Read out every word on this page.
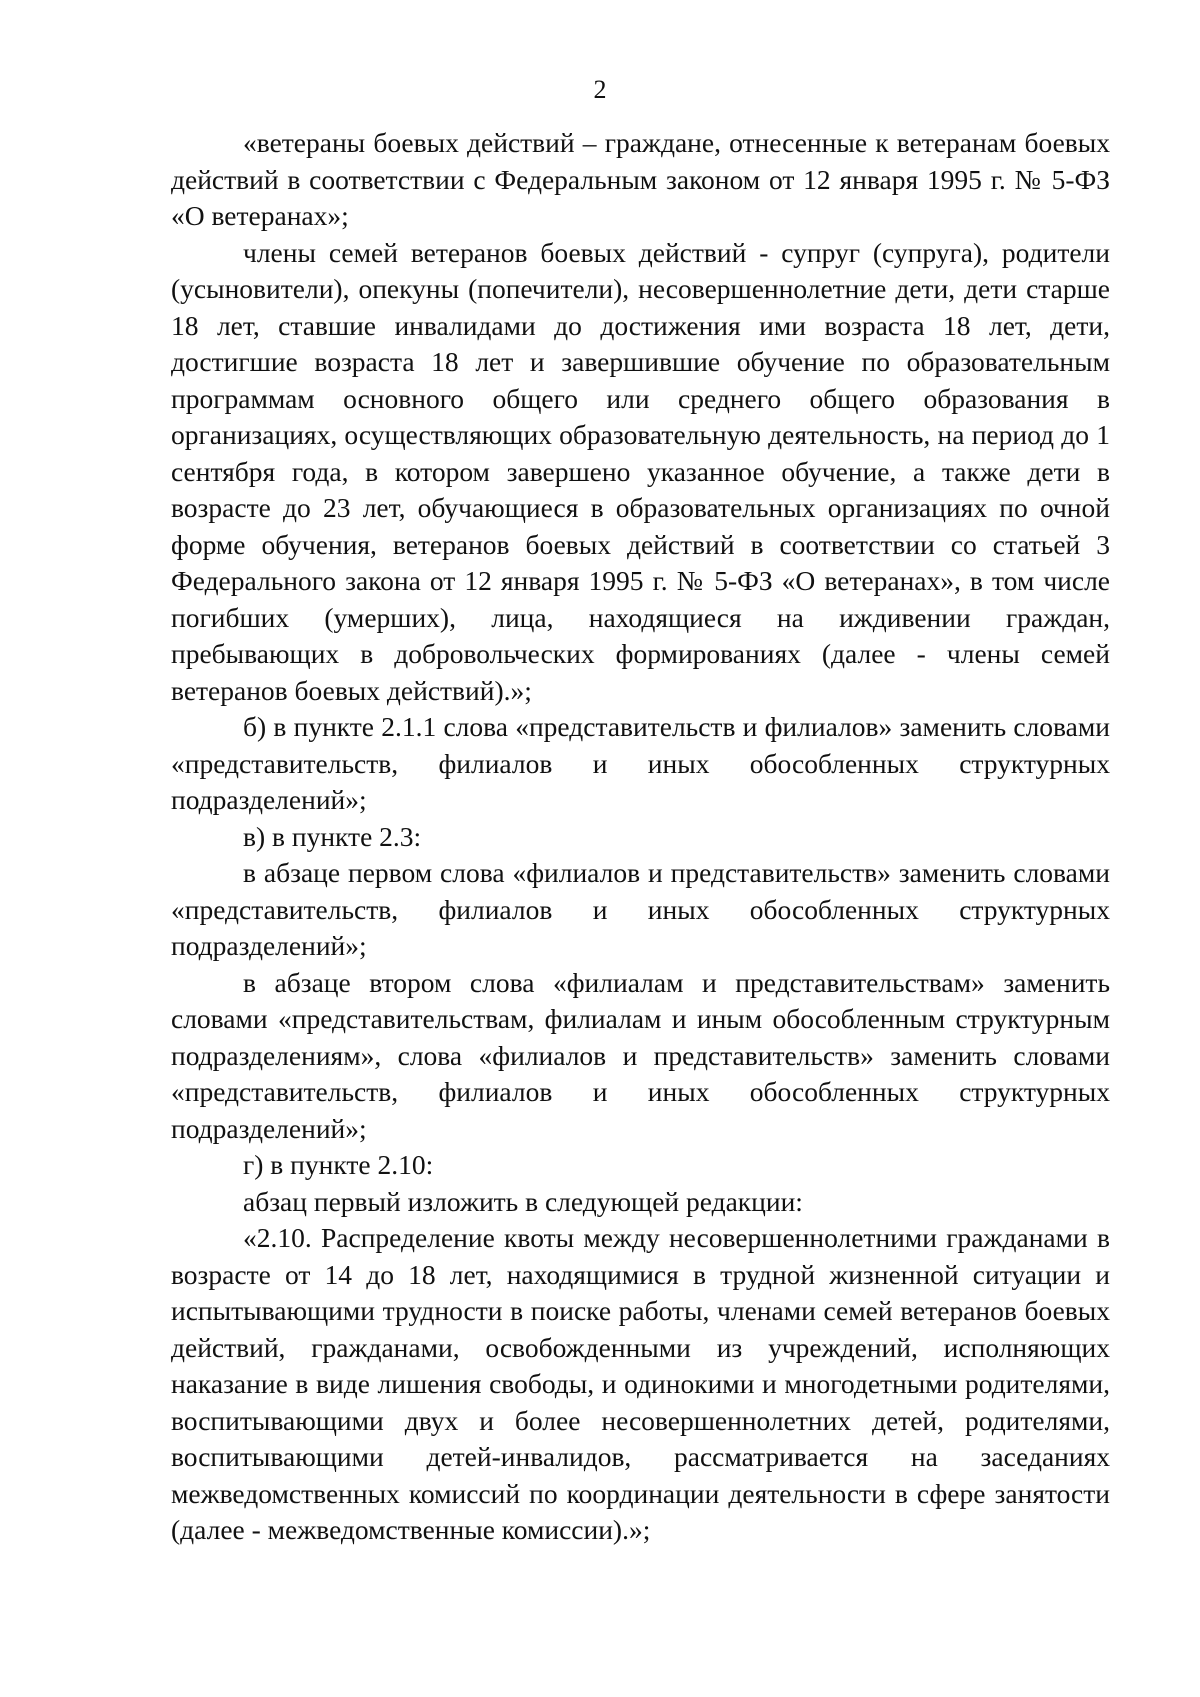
2

«ветераны боевых действий – граждане, отнесенные к ветеранам боевых действий в соответствии с Федеральным законом от 12 января 1995 г. № 5-ФЗ «О ветеранах»;

члены семей ветеранов боевых действий - супруг (супруга), родители (усыновители), опекуны (попечители), несовершеннолетние дети, дети старше 18 лет, ставшие инвалидами до достижения ими возраста 18 лет, дети, достигшие возраста 18 лет и завершившие обучение по образовательным программам основного общего или среднего общего образования в организациях, осуществляющих образовательную деятельность, на период до 1 сентября года, в котором завершено указанное обучение, а также дети в возрасте до 23 лет, обучающиеся в образовательных организациях по очной форме обучения, ветеранов боевых действий в соответствии со статьей 3 Федерального закона от 12 января 1995 г. № 5-ФЗ «О ветеранах», в том числе погибших (умерших), лица, находящиеся на иждивении граждан, пребывающих в добровольческих формированиях (далее - члены семей ветеранов боевых действий).»;

б) в пункте 2.1.1 слова «представительств и филиалов» заменить словами «представительств, филиалов и иных обособленных структурных подразделений»;

в) в пункте 2.3:

в абзаце первом слова «филиалов и представительств» заменить словами «представительств, филиалов и иных обособленных структурных подразделений»;

в абзаце втором слова «филиалам и представительствам» заменить словами «представительствам, филиалам и иным обособленным структурным подразделениям», слова «филиалов и представительств» заменить словами «представительств, филиалов и иных обособленных структурных подразделений»;

г) в пункте 2.10:

абзац первый изложить в следующей редакции:

«2.10. Распределение квоты между несовершеннолетними гражданами в возрасте от 14 до 18 лет, находящимися в трудной жизненной ситуации и испытывающими трудности в поиске работы, членами семей ветеранов боевых действий, гражданами, освобожденными из учреждений, исполняющих наказание в виде лишения свободы, и одинокими и многодетными родителями, воспитывающими двух и более несовершеннолетних детей, родителями, воспитывающими детей-инвалидов, рассматривается на заседаниях межведомственных комиссий по координации деятельности в сфере занятости (далее - межведомственные комиссии).»;
